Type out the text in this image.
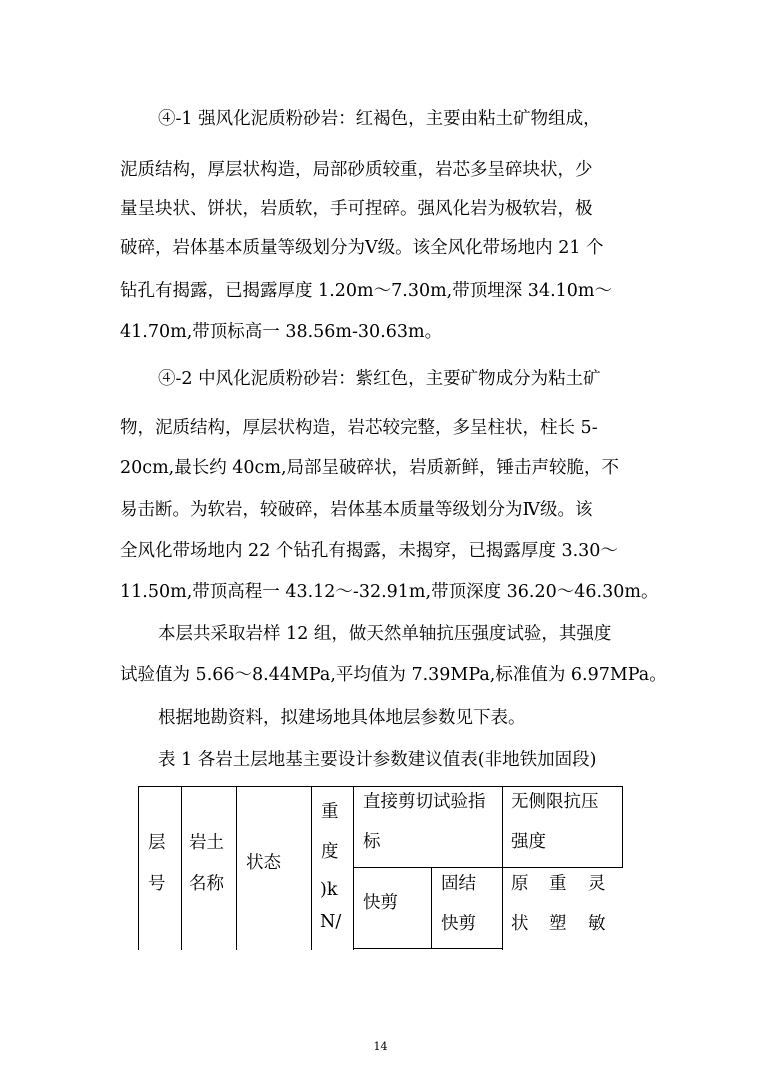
④-1 强风化泥质粉砂岩：红褐色，主要由粘土矿物组成，
泥质结构，厚层状构造，局部砂质较重，岩芯多呈碎块状，少
量呈块状、饼状，岩质软，手可捏碎。强风化岩为极软岩，极
破碎，岩体基本质量等级划分为Ⅴ级。该全风化带场地内 21 个
钻孔有揭露，已揭露厚度 1.20m～7.30m,带顶埋深 34.10m～
41.70m,带顶标高一 38.56m-30.63m。
④-2 中风化泥质粉砂岩：紫红色，主要矿物成分为粘土矿
物，泥质结构，厚层状构造，岩芯较完整，多呈柱状，柱长 5-
20cm,最长约 40cm,局部呈破碎状，岩质新鲜，锤击声较脆，不
易击断。为软岩，较破碎，岩体基本质量等级划分为Ⅳ级。该
全风化带场地内 22 个钻孔有揭露，未揭穿，已揭露厚度 3.30～
11.50m,带顶高程一 43.12～-32.91m,带顶深度 36.20～46.30m。
本层共采取岩样 12 组，做天然单轴抗压强度试验，其强度
试验值为 5.66～8.44MPa,平均值为 7.39MPa,标准值为 6.97MPa。
根据地勘资料，拟建场地具体地层参数见下表。
表 1 各岩土层地基主要设计参数建议值表(非地铁加固段)
层
号
岩土
名称
状态
重
度
)k
N/
直接剪切试验指
标
快剪
固结
快剪
无侧限抗压
强度
原
状
重
塑
灵
敏
14
